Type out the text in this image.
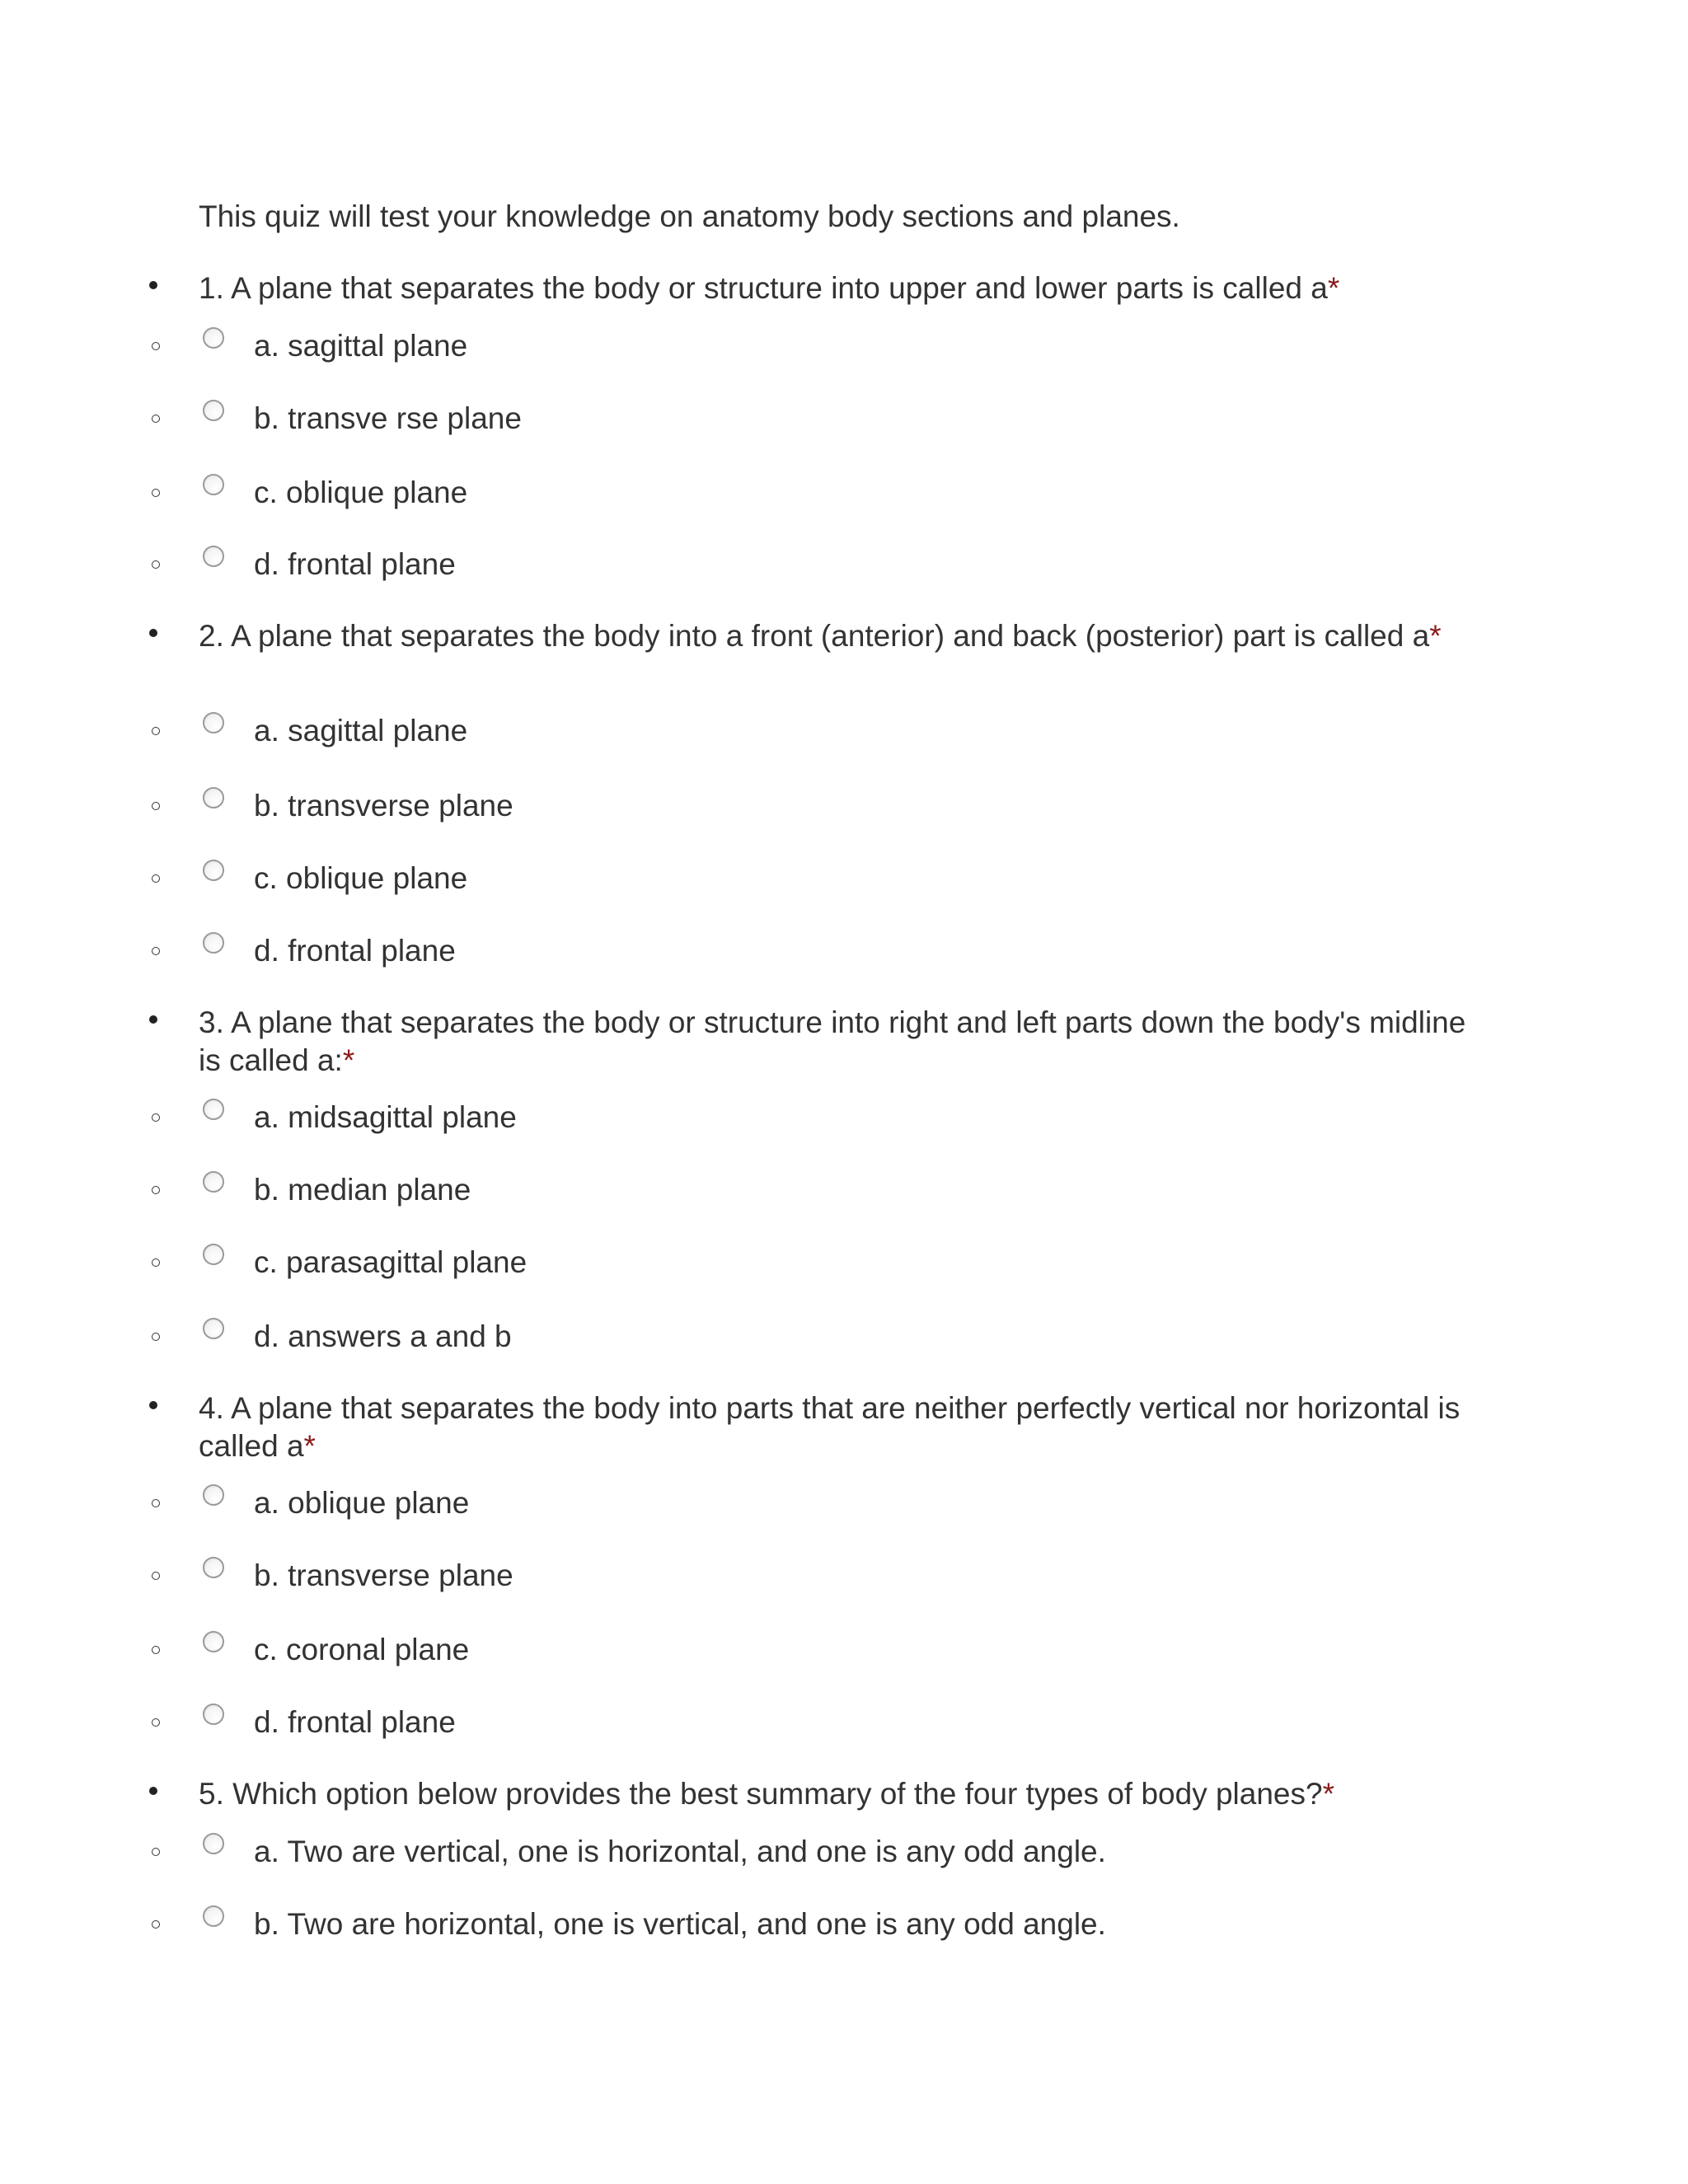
This quiz will test your knowledge on anatomy body sections and planes.
1. A plane that separates the body or structure into upper and lower parts is called a*
a. sagittal plane
b. transve rse plane
c. oblique plane
d. frontal plane
2. A plane that separates the body into a front (anterior) and back (posterior) part is called a*
a. sagittal plane
b. transverse plane
c. oblique plane
d. frontal plane
3. A plane that separates the body or structure into right and left parts down the body's midline is called a:*
a. midsagittal plane
b. median plane
c. parasagittal plane
d. answers a and b
4. A plane that separates the body into parts that are neither perfectly vertical nor horizontal is called a*
a. oblique plane
b. transverse plane
c. coronal plane
d. frontal plane
5. Which option below provides the best summary of the four types of body planes?*
a. Two are vertical, one is horizontal, and one is any odd angle.
b. Two are horizontal, one is vertical, and one is any odd angle.
